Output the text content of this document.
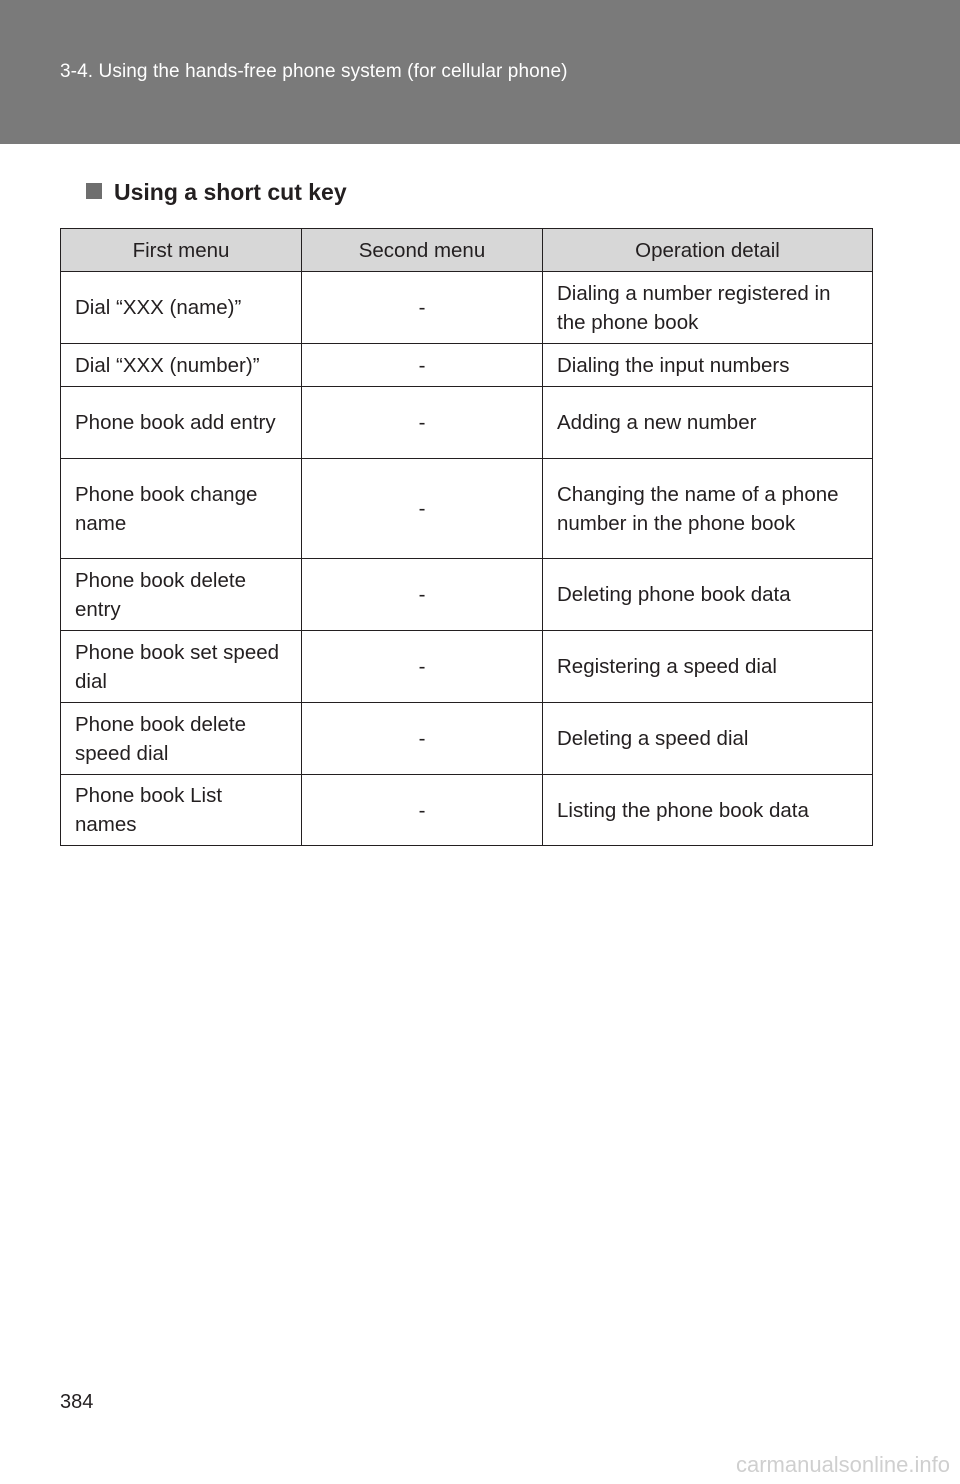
3-4. Using the hands-free phone system (for cellular phone)
Using a short cut key
First menu	Second menu	Operation detail
Dial “XXX (name)”	-	Dialing a number registered in the phone book
Dial “XXX (number)”	-	Dialing the input numbers
Phone book add entry	-	Adding a new number
Phone book change name	-	Changing the name of a phone number in the phone book
Phone book delete entry	-	Deleting phone book data
Phone book set speed dial	-	Registering a speed dial
Phone book delete speed dial	-	Deleting a speed dial
Phone book List names	-	Listing the phone book data
384
carmanualsonline.info
